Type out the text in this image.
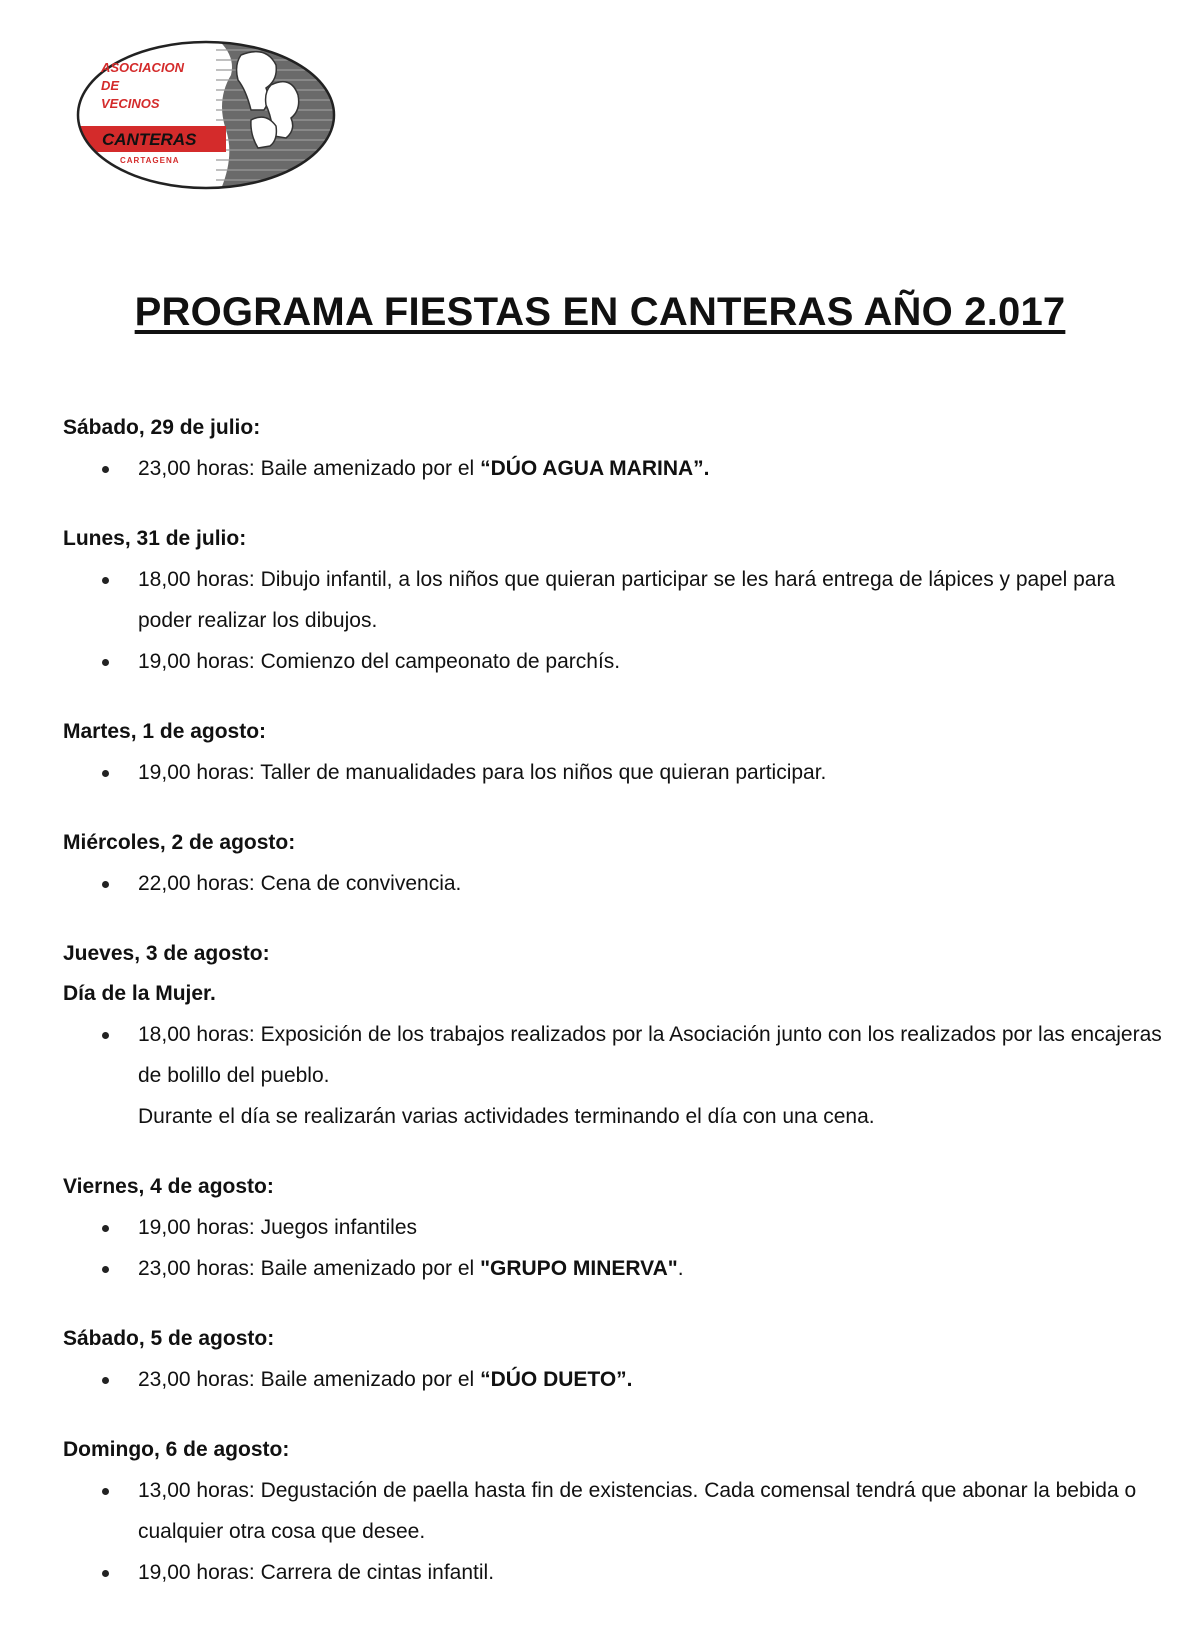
ASOCIACION
DE
VECINOS
CANTERAS
CARTAGENA
PROGRAMA FIESTAS EN CANTERAS AÑO 2.017
Sábado, 29 de julio:
23,00 horas: Baile amenizado por el “DÚO AGUA MARINA”.
Lunes, 31 de julio:
18,00 horas: Dibujo infantil, a los niños que quieran participar se les hará entrega de lápices y papel para poder realizar los dibujos.
19,00 horas: Comienzo del campeonato de parchís.
Martes, 1 de agosto:
19,00 horas: Taller de manualidades para los niños que quieran participar.
Miércoles, 2 de agosto:
22,00 horas: Cena de convivencia.
Jueves, 3 de agosto:
Día de la Mujer.
18,00 horas: Exposición de los trabajos realizados por la Asociación junto con los realizados por las encajeras de bolillo del pueblo.
Durante el día se realizarán varias actividades terminando el día con una cena.
Viernes, 4 de agosto:
19,00 horas: Juegos infantiles
23,00 horas: Baile amenizado por el "GRUPO MINERVA".
Sábado, 5 de agosto:
23,00 horas: Baile amenizado por el “DÚO DUETO”.
Domingo, 6 de agosto:
13,00 horas: Degustación de paella hasta fin de existencias. Cada comensal tendrá que abonar la bebida o cualquier otra cosa que desee.
19,00 horas: Carrera de cintas infantil.
